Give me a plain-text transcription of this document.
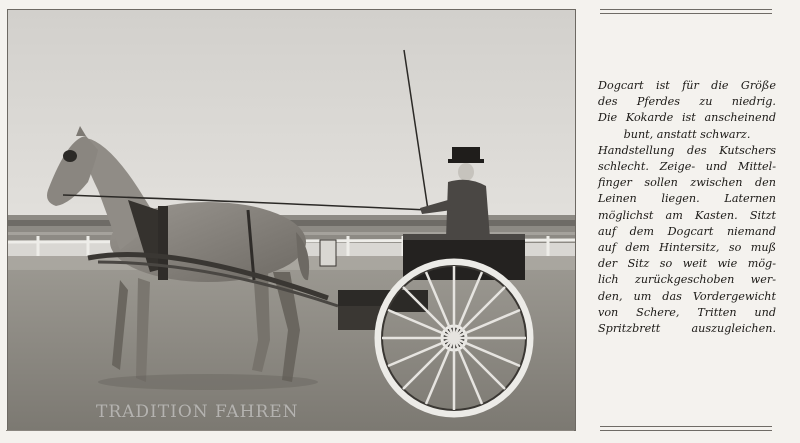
TRADITION FAHREN
Dogcart ist für die Größe
des Pferdes zu niedrig.
Die Kokarde ist anscheinend
bunt, anstatt schwarz.
Handstellung des Kutschers
schlecht. Zeige- und Mittel-
finger sollen zwischen den
Leinen liegen. Laternen
möglichst am Kasten. Sitzt
auf dem Dogcart niemand
auf dem Hintersitz, so muß
der Sitz so weit wie mög-
lich zurückgeschoben wer-
den, um das Vordergewicht
von Schere, Tritten und
Spritzbrett auszugleichen.
